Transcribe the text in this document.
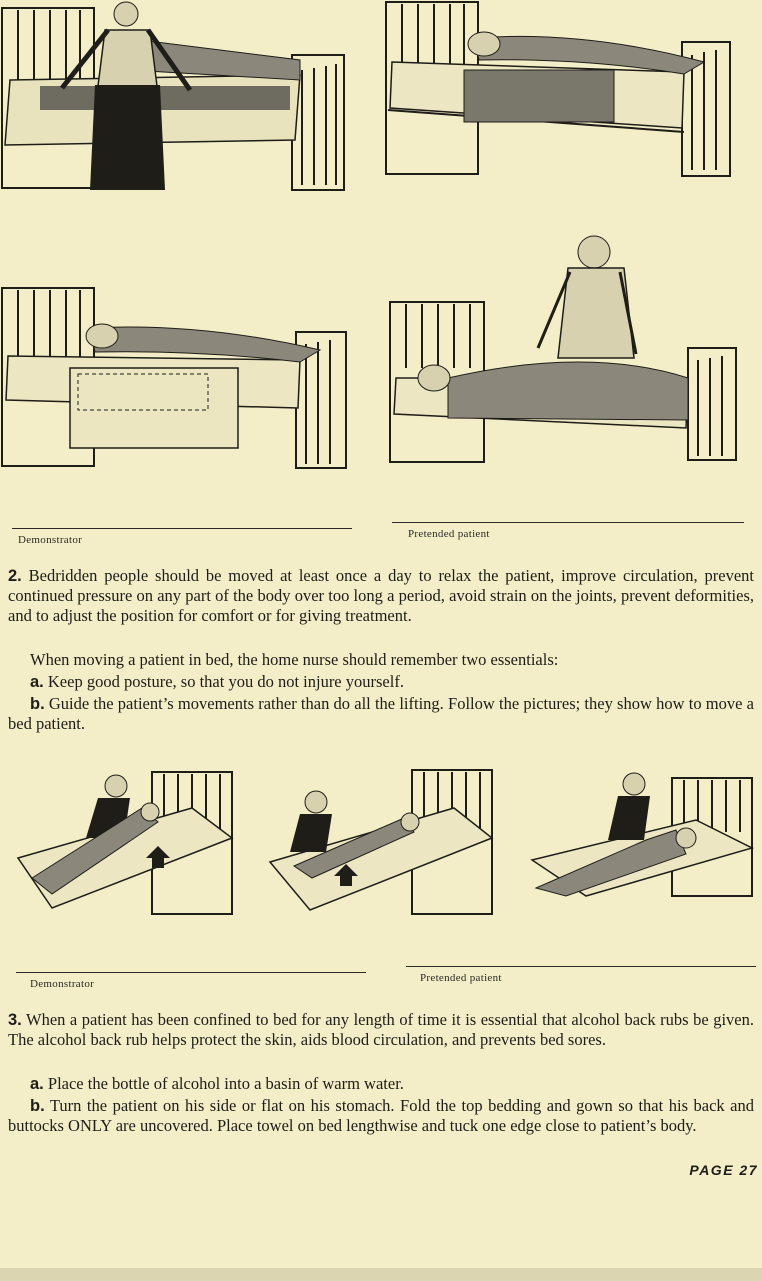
Demonstrator	Pretended patient
2. Bedridden people should be moved at least once a day to relax the patient, improve circulation, prevent continued pressure on any part of the body over too long a period, avoid strain on the joints, prevent deformities, and to adjust the position for comfort or for giving treatment.
When moving a patient in bed, the home nurse should remember two essentials:
a. Keep good posture, so that you do not injure yourself.
b. Guide the patient’s movements rather than do all the lifting. Follow the pictures; they show how to move a bed patient.
Demonstrator	Pretended patient
3. When a patient has been confined to bed for any length of time it is essential that alcohol back rubs be given. The alcohol back rub helps protect the skin, aids blood circulation, and prevents bed sores.
a. Place the bottle of alcohol into a basin of warm water.
b. Turn the patient on his side or flat on his stomach. Fold the top bedding and gown so that his back and buttocks ONLY are uncovered. Place towel on bed lengthwise and tuck one edge close to patient’s body.
PAGE 27
